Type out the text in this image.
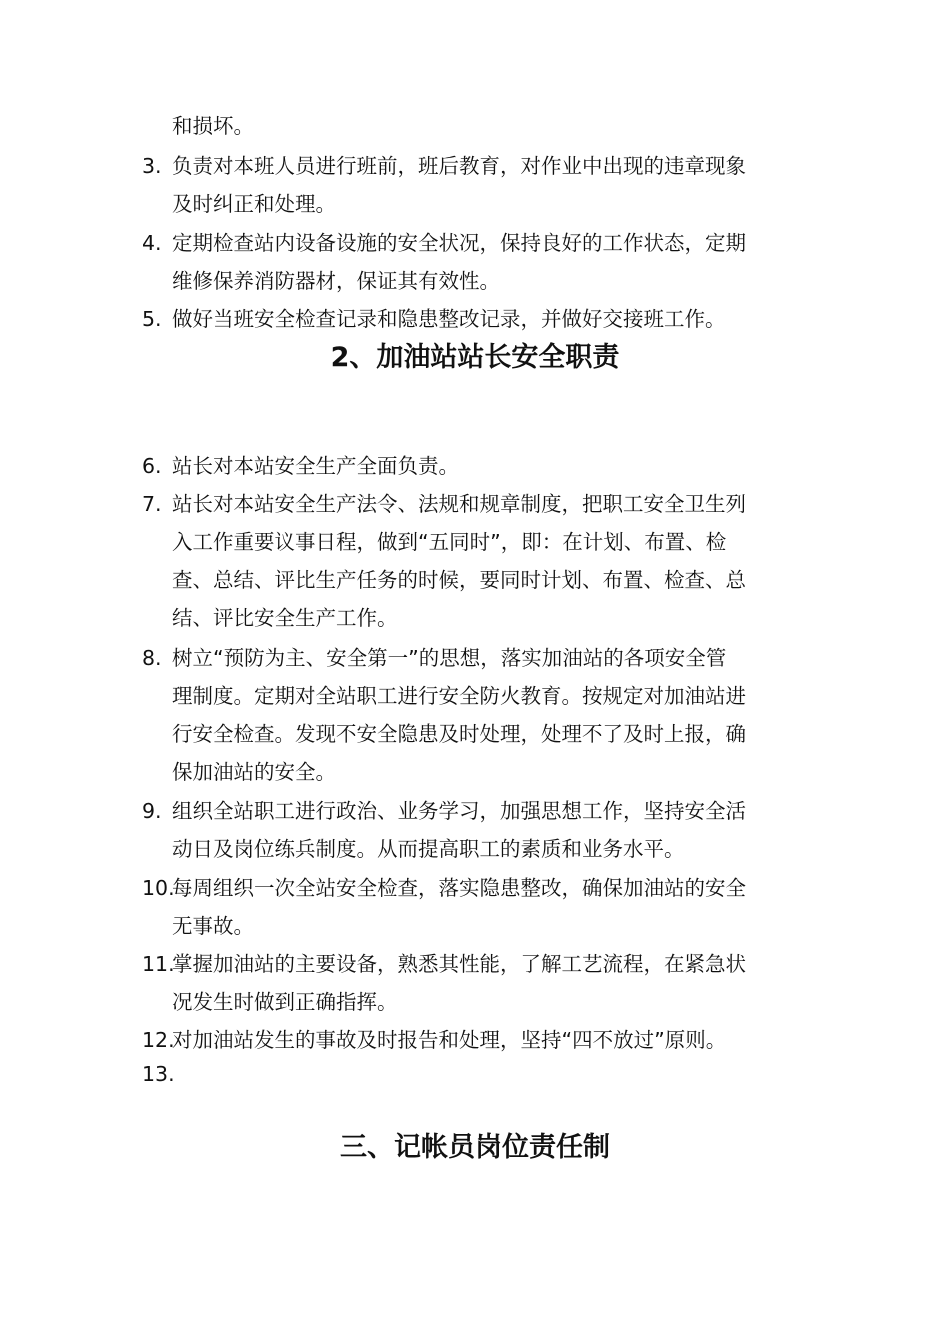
和损坏。
3. 负责对本班人员进行班前，班后教育，对作业中出现的违章现象
及时纠正和处理。
4. 定期检查站内设备设施的安全状况，保持良好的工作状态，定期
维修保养消防器材，保证其有效性。
5. 做好当班安全检查记录和隐患整改记录，并做好交接班工作。
2、加油站站长安全职责
6. 站长对本站安全生产全面负责。
7. 站长对本站安全生产法令、法规和规章制度，把职工安全卫生列
入工作重要议事日程，做到“五同时”，即：在计划、布置、检
查、总结、评比生产任务的时候，要同时计划、布置、检查、总
结、评比安全生产工作。
8. 树立“预防为主、安全第一”的思想，落实加油站的各项安全管
理制度。定期对全站职工进行安全防火教育。按规定对加油站进
行安全检查。发现不安全隐患及时处理，处理不了及时上报，确
保加油站的安全。
9. 组织全站职工进行政治、业务学习，加强思想工作，坚持安全活
动日及岗位练兵制度。从而提高职工的素质和业务水平。
10.
每周组织一次全站安全检查，落实隐患整改，确保加油站的安全
无事故。
11.
掌握加油站的主要设备，熟悉其性能，了解工艺流程，在紧急状
况发生时做到正确指挥。
12.
对加油站发生的事故及时报告和处理，坚持“四不放过”原则。
13.
三、记帐员岗位责任制
